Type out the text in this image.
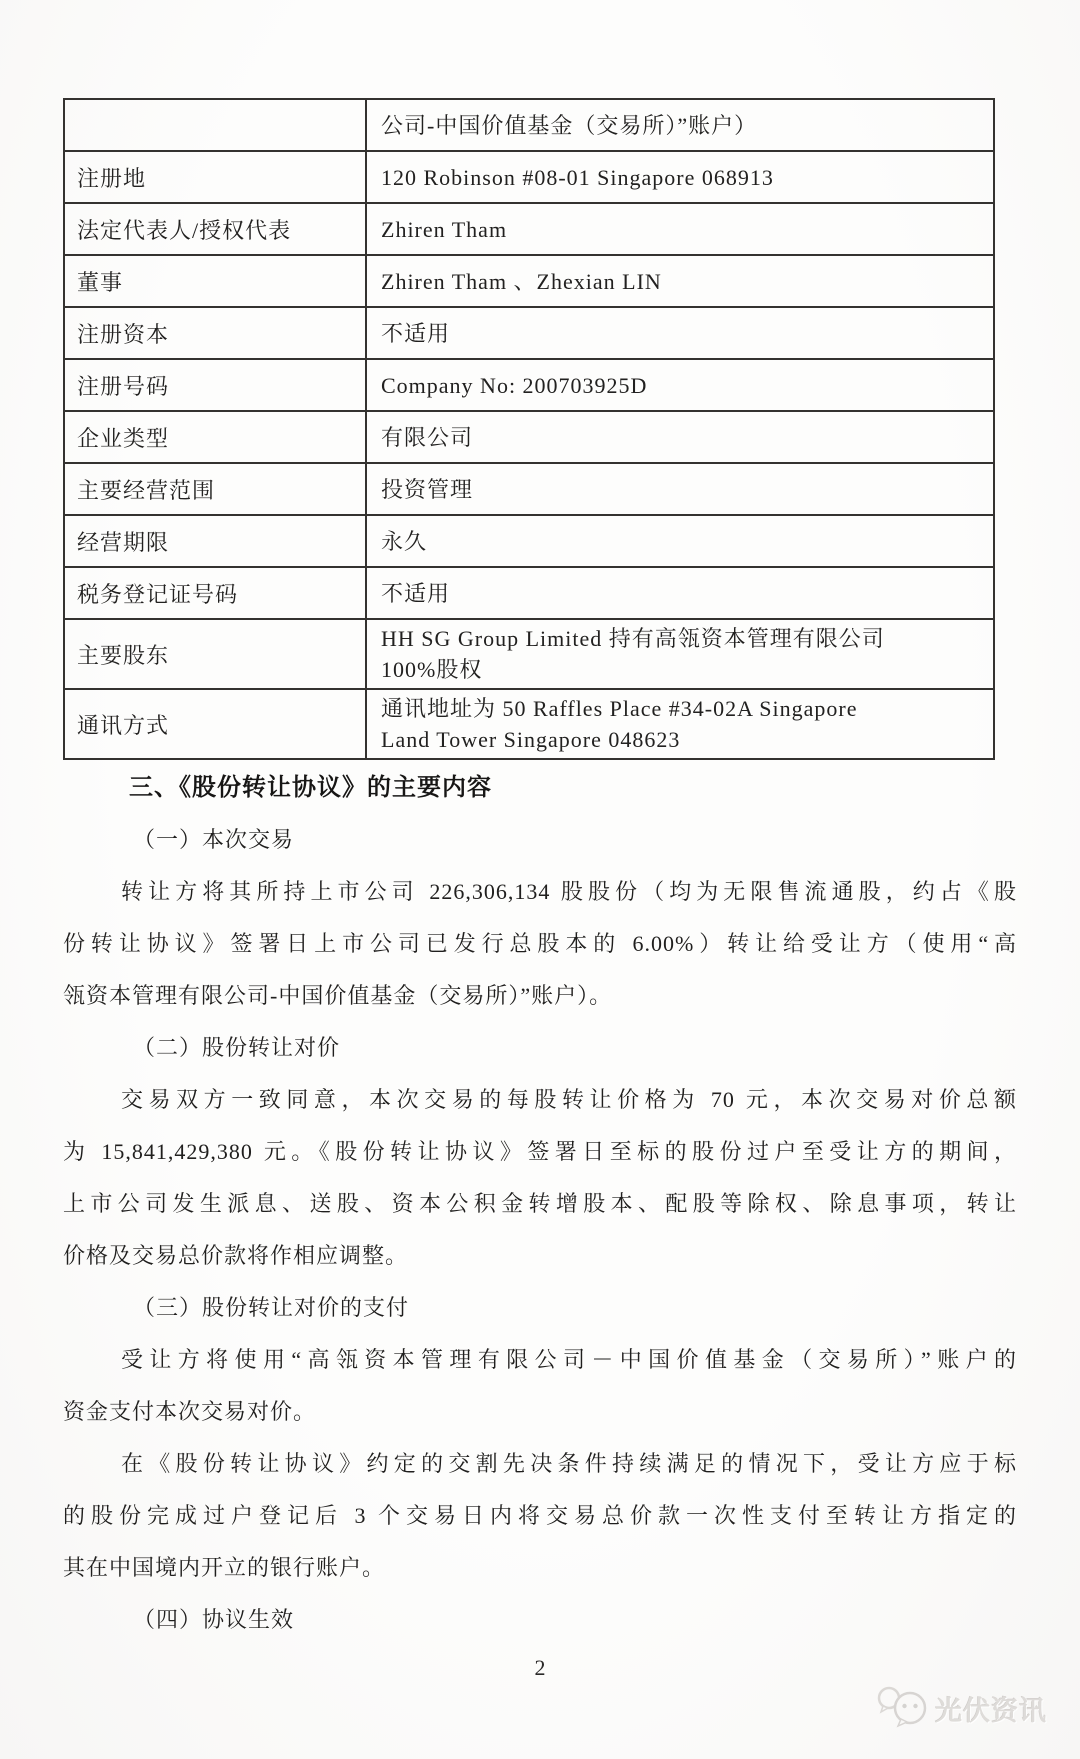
	公司-中国价值基金（交易所）”账户）

注册地	120 Robinson #08-01 Singapore 068913

法定代表人/授权代表	Zhiren Tham

董事	Zhiren Tham 、Zhexian LIN

注册资本	不适用

注册号码	Company No: 200703925D

企业类型	有限公司

主要经营范围	投资管理

经营期限	永久

税务登记证号码	不适用

主要股东	HH SG Group Limited 持有高瓴资本管理有限公司
100%股权

通讯方式	通讯地址为 50 Raffles Place #34-02A Singapore
Land Tower Singapore 048623
三、《股份转让协议》的主要内容
（一）本次交易
转让方将其所持上市公司 226,306,134 股股份（均为无限售流通股，约占《股
份转让协议》签署日上市公司已发行总股本的 6.00%）转让给受让方（使用“高
瓴资本管理有限公司-中国价值基金（交易所）”账户）。
（二）股份转让对价
交易双方一致同意，本次交易的每股转让价格为 70 元，本次交易对价总额
为 15,841,429,380 元。《股份转让协议》签署日至标的股份过户至受让方的期间，
上市公司发生派息、送股、资本公积金转增股本、配股等除权、除息事项，转让
价格及交易总价款将作相应调整。
（三）股份转让对价的支付
受让方将使用“高瓴资本管理有限公司－中国价值基金（交易所）”账户的
资金支付本次交易对价。
在《股份转让协议》约定的交割先决条件持续满足的情况下，受让方应于标
的股份完成过户登记后 3 个交易日内将交易总价款一次性支付至转让方指定的
其在中国境内开立的银行账户。
（四）协议生效
2
光伏资讯
